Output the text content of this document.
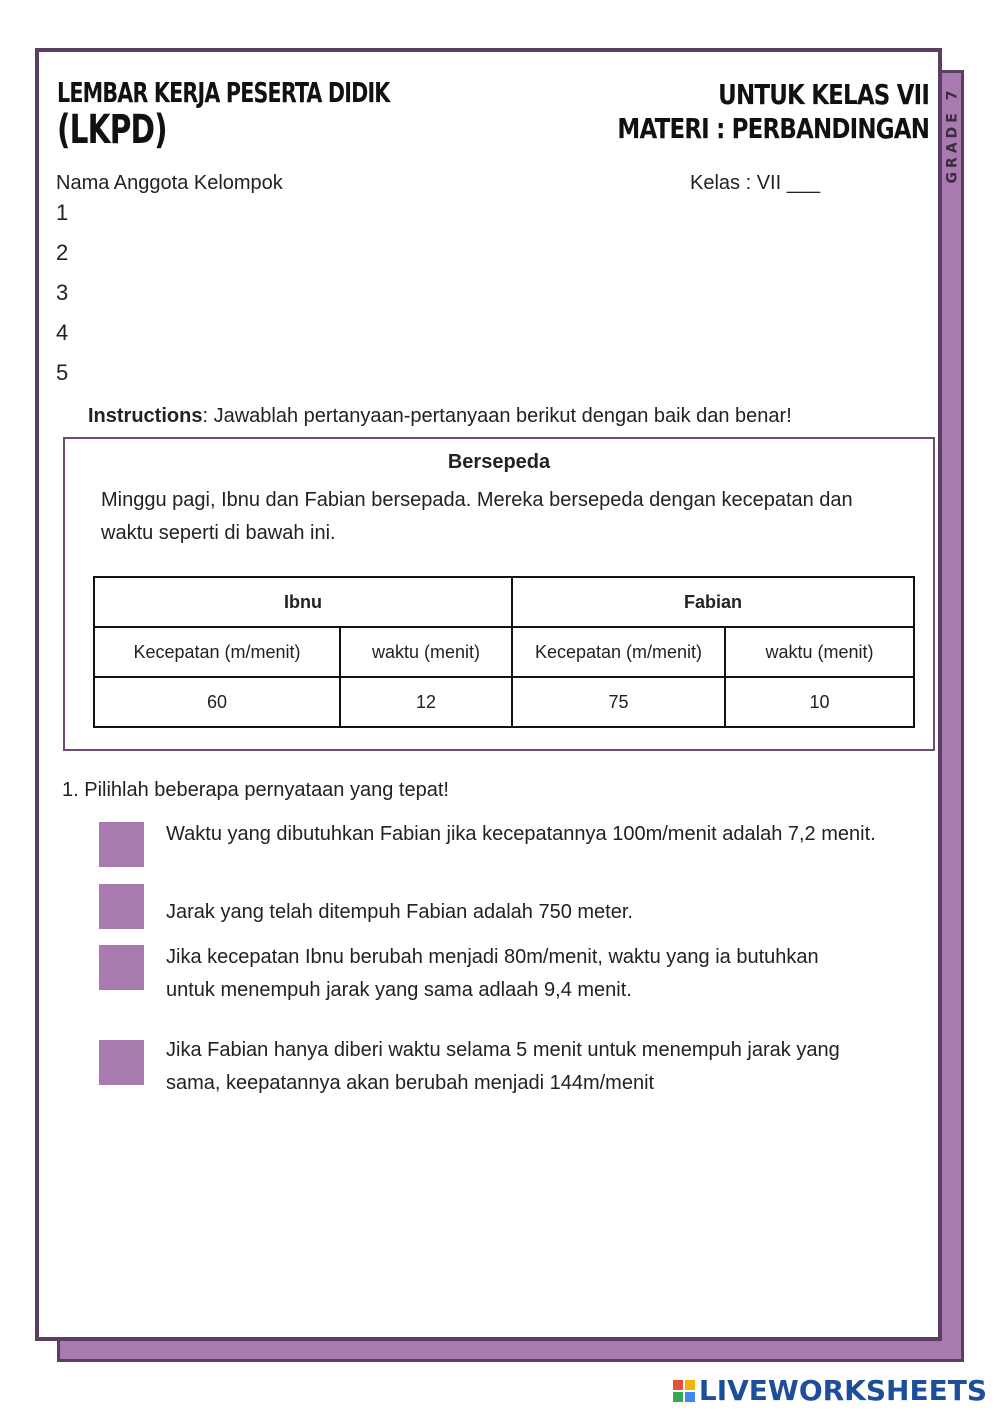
GRADE 7
LEMBAR KERJA PESERTA DIDIK
(LKPD)
UNTUK KELAS VII
MATERI : PERBANDINGAN
Nama Anggota Kelompok	Kelas : VII ___
1
2
3
4
5
Instructions: Jawablah pertanyaan-pertanyaan berikut dengan baik dan benar!
Bersepeda
Minggu pagi, Ibnu dan Fabian bersepada. Mereka bersepeda dengan kecepatan dan waktu seperti di bawah ini.
Ibnu		Fabian	
Kecepatan (m/menit)	waktu (menit)	Kecepatan (m/menit)	waktu (menit)
60	12	75	10
1. Pilihlah beberapa pernyataan yang tepat!
Waktu yang dibutuhkan Fabian jika kecepatannya 100m/menit adalah 7,2 menit.
Jarak yang telah ditempuh Fabian adalah 750 meter.
Jika kecepatan Ibnu berubah menjadi 80m/menit, waktu yang ia butuhkan untuk menempuh jarak yang sama adlaah 9,4 menit.
Jika Fabian hanya diberi waktu selama 5 menit untuk menempuh jarak yang sama, keepatannya akan berubah menjadi 144m/menit
LIVEWORKSHEETS
